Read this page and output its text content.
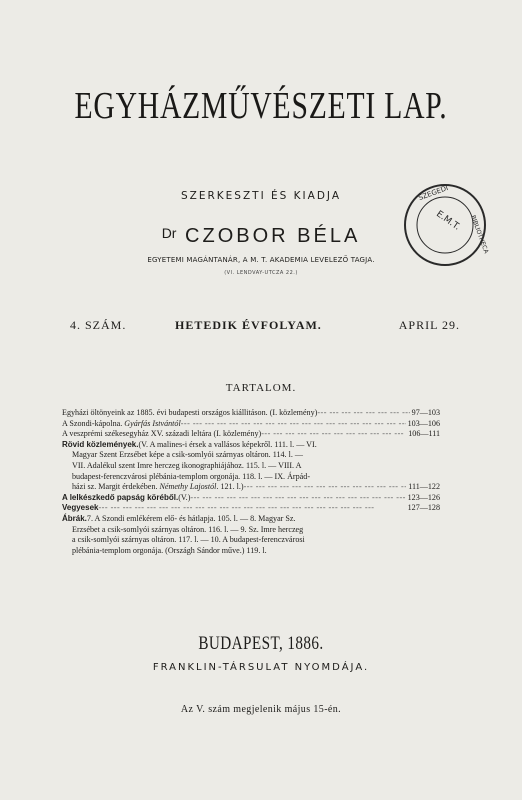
EGYHÁZMŰVÉSZETI LAP.
SZERKESZTI ÉS KIADJA
$^{Dr}$ CZOBOR BÉLA
EGYETEMI MAGÁNTANÁR, A M. T. AKADEMIA LEVELEZŐ TAGJA.
(VI. LENDVAY-UTCZA 22.)
E.M.T.
SZEGEDI
BIBLIOTHECA
4. SZÁM.	HETEDIK ÉVFOLYAM.	APRIL 29.
TARTALOM.
Egyházi öltönyeink az 1885. évi budapesti országos kiállitáson. (I. közlemény) --- -	97—103
A Szondi-kápolna. Gyárfás Istvántól --- -	103—106
A veszprémi székesegyház XV. századi leltára (I. közlemény) --- -	106—111
Rövid közlemények. (V. A malines-i érsek a vallásos képekről. 111. l. — VI.
Magyar Szent Erzsébet képe a csik-somlyói szárnyas oltáron. 114. l. —
VII. Adalékul szent Imre herczeg ikonographiájához. 115. l. — VIII. A
budapest-ferenczvárosi plébánia-templom orgonája. 118. l. — IX. Árpád-
házi sz. Margit érdekében. Némethy Lajostól. 121. l.) --- -	111—122
A lelkészkedő papság köréből. (V.) --- -	123—126
Vegyesek --- -	127—128
Ábrák. 7. A Szondi emlékérem elő- és hátlapja. 105. l. — 8. Magyar Sz.
Erzsébet a csik-somlyói szárnyas oltáron. 116. l. — 9. Sz. Imre herczeg
a csik-somlyói szárnyas oltáron. 117. l. — 10. A budapest-ferenczvárosi
plébánia-templom orgonája. (Országh Sándor műve.) 119. l.
BUDAPEST, 1886.
FRANKLIN-TÁRSULAT NYOMDÁJA.
Az V. szám megjelenik május 15-én.
